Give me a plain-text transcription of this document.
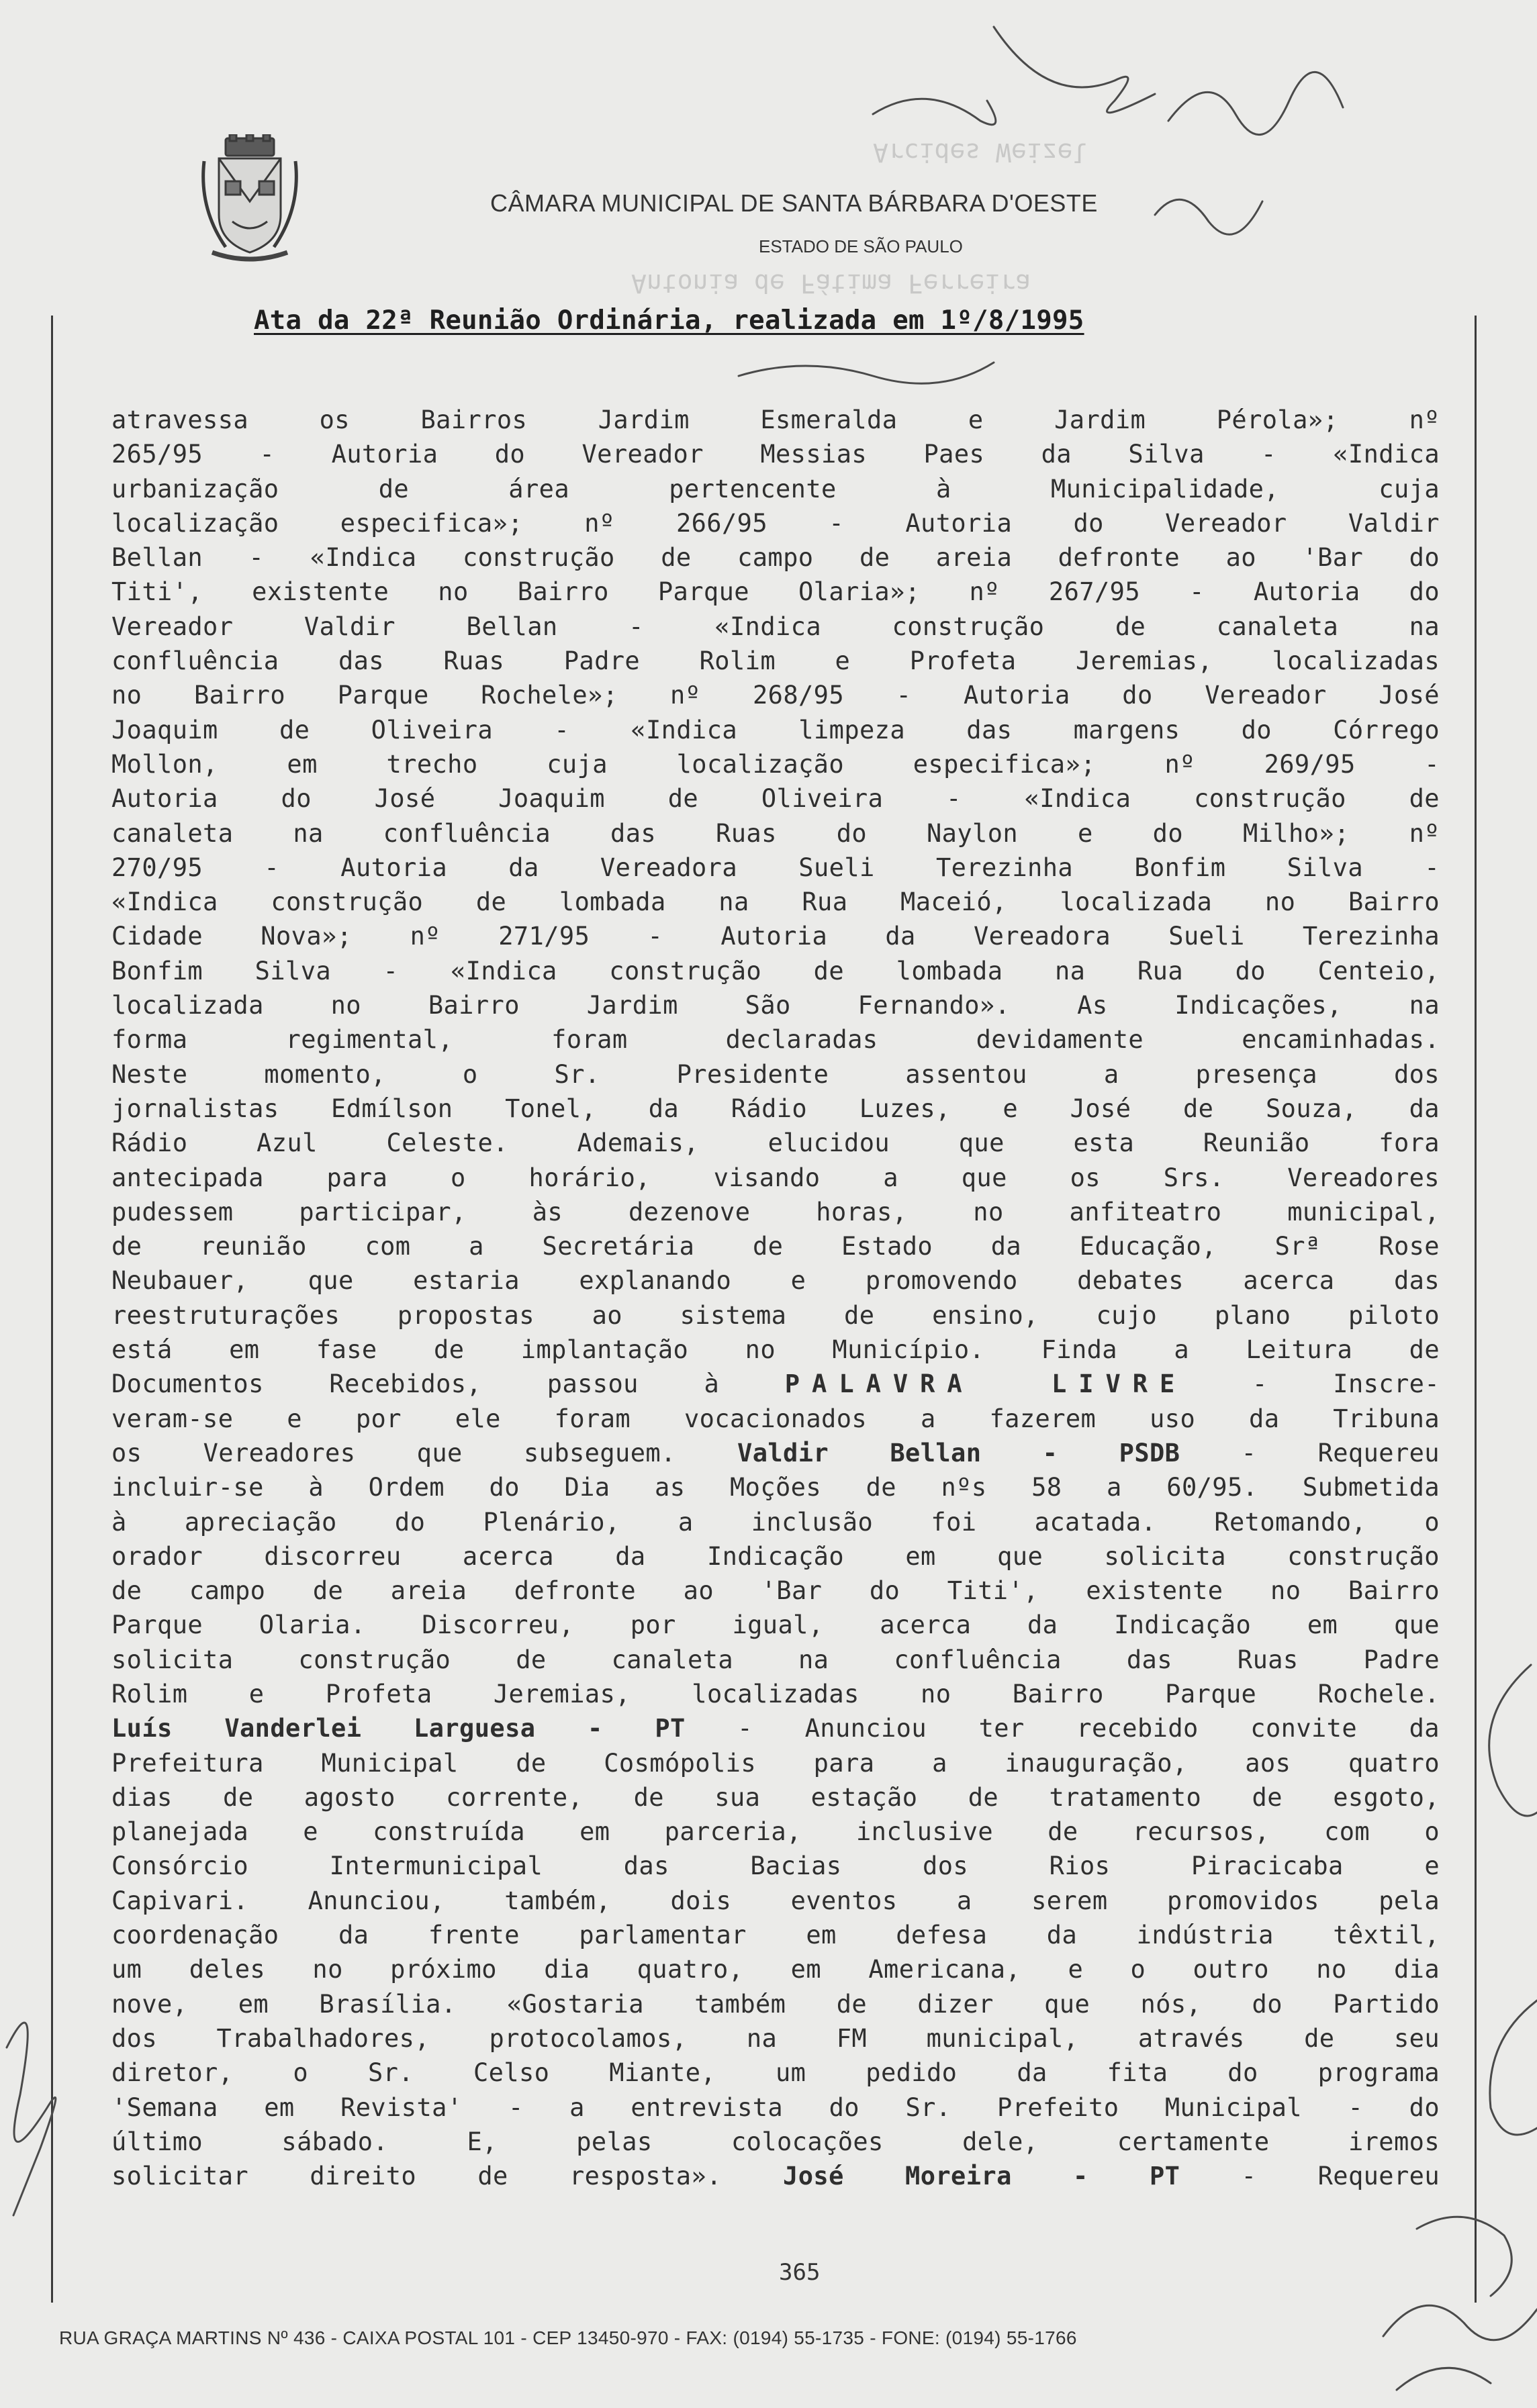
Arcides Weizel
Antonia de Fátima Ferreira
CÂMARA MUNICIPAL DE SANTA BÁRBARA D'OESTE
ESTADO DE SÃO PAULO
Ata da 22ª Reunião Ordinária, realizada em 1º/8/1995
atravessa os Bairros Jardim Esmeralda e Jardim Pérola»; nº
265/95 - Autoria do Vereador Messias Paes da Silva - «Indica
urbanização de área pertencente à Municipalidade, cuja
localização especifica»; nº 266/95 - Autoria do Vereador Valdir
Bellan - «Indica construção de campo de areia defronte ao 'Bar do
Titi', existente no Bairro Parque Olaria»; nº 267/95 - Autoria do
Vereador Valdir Bellan - «Indica construção de canaleta na
confluência das Ruas Padre Rolim e Profeta Jeremias, localizadas
no Bairro Parque Rochele»; nº 268/95 - Autoria do Vereador José
Joaquim de Oliveira - «Indica limpeza das margens do Córrego
Mollon, em trecho cuja localização especifica»; nº 269/95 -
Autoria do José Joaquim de Oliveira - «Indica construção de
canaleta na confluência das Ruas do Naylon e do Milho»; nº
270/95 - Autoria da Vereadora Sueli Terezinha Bonfim Silva -
«Indica construção de lombada na Rua Maceió, localizada no Bairro
Cidade Nova»; nº 271/95 - Autoria da Vereadora Sueli Terezinha
Bonfim Silva - «Indica construção de lombada na Rua do Centeio,
localizada no Bairro Jardim São Fernando». As Indicações, na
forma regimental, foram declaradas devidamente encaminhadas.
Neste momento, o Sr. Presidente assentou a presença dos
jornalistas Edmílson Tonel, da Rádio Luzes, e José de Souza, da
Rádio Azul Celeste. Ademais, elucidou que esta Reunião fora
antecipada para o horário, visando a que os Srs. Vereadores
pudessem participar, às dezenove horas, no anfiteatro municipal,
de reunião com a Secretária de Estado da Educação, Srª Rose
Neubauer, que estaria explanando e promovendo debates acerca das
reestruturações propostas ao sistema de ensino, cujo plano piloto
está em fase de implantação no Município. Finda a Leitura de
Documentos Recebidos, passou à PALAVRA LIVRE - Inscre-
veram-se e por ele foram vocacionados a fazerem uso da Tribuna
os Vereadores que subseguem. Valdir Bellan - PSDB - Requereu
incluir-se à Ordem do Dia as Moções de nºs 58 a 60/95. Submetida
à apreciação do Plenário, a inclusão foi acatada. Retomando, o
orador discorreu acerca da Indicação em que solicita construção
de campo de areia defronte ao 'Bar do Titi', existente no Bairro
Parque Olaria. Discorreu, por igual, acerca da Indicação em que
solicita construção de canaleta na confluência das Ruas Padre
Rolim e Profeta Jeremias, localizadas no Bairro Parque Rochele.
Luís Vanderlei Larguesa - PT - Anunciou ter recebido convite da
Prefeitura Municipal de Cosmópolis para a inauguração, aos quatro
dias de agosto corrente, de sua estação de tratamento de esgoto,
planejada e construída em parceria, inclusive de recursos, com o
Consórcio Intermunicipal das Bacias dos Rios Piracicaba e
Capivari. Anunciou, também, dois eventos a serem promovidos pela
coordenação da frente parlamentar em defesa da indústria têxtil,
um deles no próximo dia quatro, em Americana, e o outro no dia
nove, em Brasília. «Gostaria também de dizer que nós, do Partido
dos Trabalhadores, protocolamos, na FM municipal, através de seu
diretor, o Sr. Celso Miante, um pedido da fita do programa
'Semana em Revista' - a entrevista do Sr. Prefeito Municipal - do
último sábado. E, pelas colocações dele, certamente iremos
solicitar direito de resposta». José Moreira - PT - Requereu
365
RUA GRAÇA MARTINS Nº 436 - CAIXA POSTAL 101 - CEP 13450-970 - FAX: (0194) 55-1735 - FONE: (0194) 55-1766
